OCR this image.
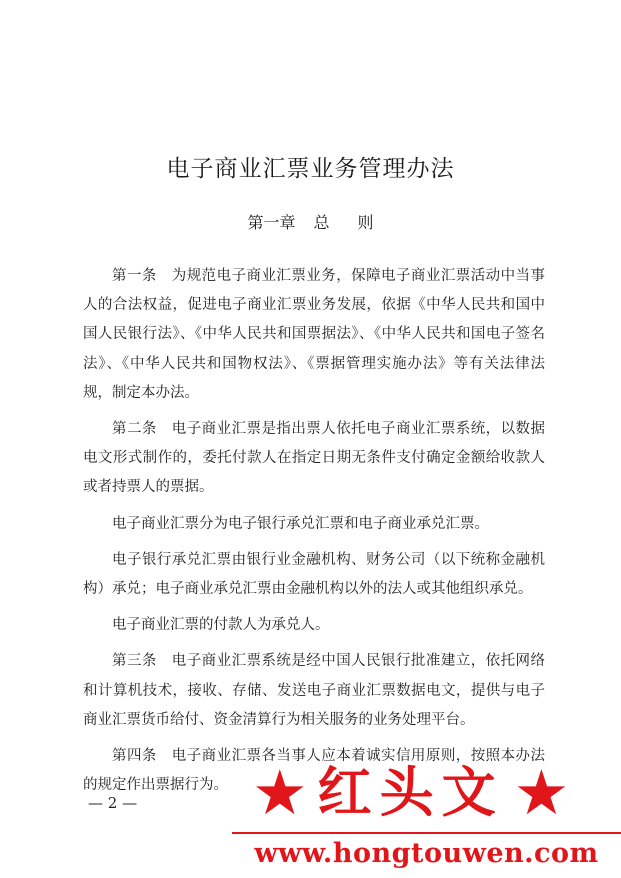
电子商业汇票业务管理办法
第一章 总 则

第一条　为规范电子商业汇票业务，保障电子商业汇票活动中当事人的合法权益，促进电子商业汇票业务发展，依据《中华人民共和国中国人民银行法》、《中华人民共和国票据法》、《中华人民共和国电子签名法》、《中华人民共和国物权法》、《票据管理实施办法》等有关法律法规，制定本办法。

第二条　电子商业汇票是指出票人依托电子商业汇票系统，以数据电文形式制作的，委托付款人在指定日期无条件支付确定金额给收款人或者持票人的票据。

电子商业汇票分为电子银行承兑汇票和电子商业承兑汇票。

电子银行承兑汇票由银行业金融机构、财务公司（以下统称金融机构）承兑；电子商业承兑汇票由金融机构以外的法人或其他组织承兑。

电子商业汇票的付款人为承兑人。

第三条　电子商业汇票系统是经中国人民银行批准建立，依托网络和计算机技术，接收、存储、发送电子商业汇票数据电文，提供与电子商业汇票货币给付、资金清算行为相关服务的业务处理平台。

第四条　电子商业汇票各当事人应本着诚实信用原则，按照本办法的规定作出票据行为。

— 2 — ★ 红头文 ★
www.hongtouwen.com
